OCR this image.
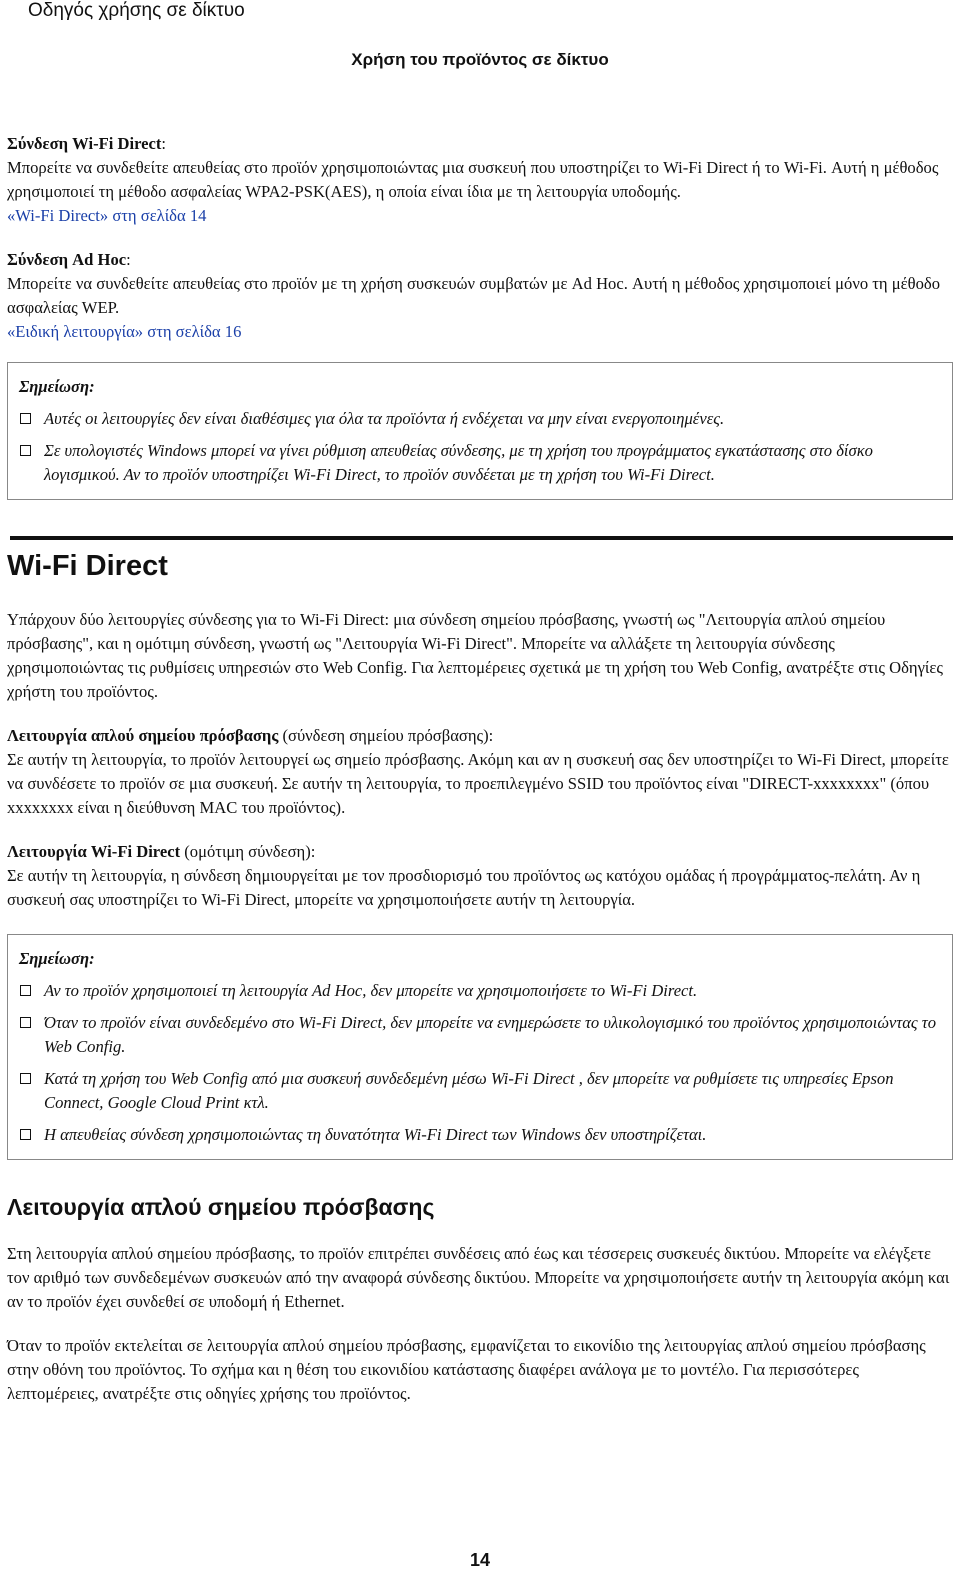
Οδηγός χρήσης σε δίκτυο
Χρήση του προϊόντος σε δίκτυο

Σύνδεση Wi-Fi Direct:
Μπορείτε να συνδεθείτε απευθείας στο προϊόν χρησιμοποιώντας μια συσκευή που υποστηρίζει το Wi-Fi Direct ή το Wi-Fi. Αυτή η μέθοδος χρησιμοποιεί τη μέθοδο ασφαλείας WPA2-PSK(AES), η οποία είναι ίδια με τη λειτουργία υποδομής.
«Wi-Fi Direct» στη σελίδα 14

Σύνδεση Ad Hoc:
Μπορείτε να συνδεθείτε απευθείας στο προϊόν με τη χρήση συσκευών συμβατών με Ad Hoc. Αυτή η μέθοδος χρησιμοποιεί μόνο τη μέθοδο ασφαλείας WEP.
«Ειδική λειτουργία» στη σελίδα 16

Σημείωση:
Αυτές οι λειτουργίες δεν είναι διαθέσιμες για όλα τα προϊόντα ή ενδέχεται να μην είναι ενεργοποιημένες.
Σε υπολογιστές Windows μπορεί να γίνει ρύθμιση απευθείας σύνδεσης, με τη χρήση του προγράμματος εγκατάστασης στο δίσκο λογισμικού. Αν το προϊόν υποστηρίζει Wi-Fi Direct, το προϊόν συνδέεται με τη χρήση του Wi-Fi Direct.
Wi-Fi Direct

Υπάρχουν δύο λειτουργίες σύνδεσης για το Wi-Fi Direct: μια σύνδεση σημείου πρόσβασης, γνωστή ως "Λειτουργία απλού σημείου πρόσβασης", και η ομότιμη σύνδεση, γνωστή ως "Λειτουργία Wi-Fi Direct". Μπορείτε να αλλάξετε τη λειτουργία σύνδεσης χρησιμοποιώντας τις ρυθμίσεις υπηρεσιών στο Web Config. Για λεπτομέρειες σχετικά με τη χρήση του Web Config, ανατρέξτε στις Οδηγίες χρήστη του προϊόντος.

Λειτουργία απλού σημείου πρόσβασης (σύνδεση σημείου πρόσβασης):
Σε αυτήν τη λειτουργία, το προϊόν λειτουργεί ως σημείο πρόσβασης. Ακόμη και αν η συσκευή σας δεν υποστηρίζει το Wi-Fi Direct, μπορείτε να συνδέσετε το προϊόν σε μια συσκευή. Σε αυτήν τη λειτουργία, το προεπιλεγμένο SSID του προϊόντος είναι "DIRECT-xxxxxxxx" (όπου xxxxxxxx είναι η διεύθυνση MAC του προϊόντος).

Λειτουργία Wi-Fi Direct (ομότιμη σύνδεση):
Σε αυτήν τη λειτουργία, η σύνδεση δημιουργείται με τον προσδιορισμό του προϊόντος ως κατόχου ομάδας ή προγράμματος-πελάτη. Αν η συσκευή σας υποστηρίζει το Wi-Fi Direct, μπορείτε να χρησιμοποιήσετε αυτήν τη λειτουργία.

Σημείωση:
Αν το προϊόν χρησιμοποιεί τη λειτουργία Ad Hoc, δεν μπορείτε να χρησιμοποιήσετε το Wi-Fi Direct.
Όταν το προϊόν είναι συνδεδεμένο στο Wi-Fi Direct, δεν μπορείτε να ενημερώσετε το υλικολογισμικό του προϊόντος χρησιμοποιώντας το Web Config.
Κατά τη χρήση του Web Config από μια συσκευή συνδεδεμένη μέσω Wi-Fi Direct , δεν μπορείτε να ρυθμίσετε τις υπηρεσίες Epson Connect, Google Cloud Print κτλ.
Η απευθείας σύνδεση χρησιμοποιώντας τη δυνατότητα Wi-Fi Direct των Windows δεν υποστηρίζεται.
Λειτουργία απλού σημείου πρόσβασης

Στη λειτουργία απλού σημείου πρόσβασης, το προϊόν επιτρέπει συνδέσεις από έως και τέσσερεις συσκευές δικτύου. Μπορείτε να ελέγξετε τον αριθμό των συνδεδεμένων συσκευών από την αναφορά σύνδεσης δικτύου. Μπορείτε να χρησιμοποιήσετε αυτήν τη λειτουργία ακόμη και αν το προϊόν έχει συνδεθεί σε υποδομή ή Ethernet.

Όταν το προϊόν εκτελείται σε λειτουργία απλού σημείου πρόσβασης, εμφανίζεται το εικονίδιο της λειτουργίας απλού σημείου πρόσβασης στην οθόνη του προϊόντος. Το σχήμα και η θέση του εικονιδίου κατάστασης διαφέρει ανάλογα με το μοντέλο. Για περισσότερες λεπτομέρειες, ανατρέξτε στις οδηγίες χρήσης του προϊόντος.

14
